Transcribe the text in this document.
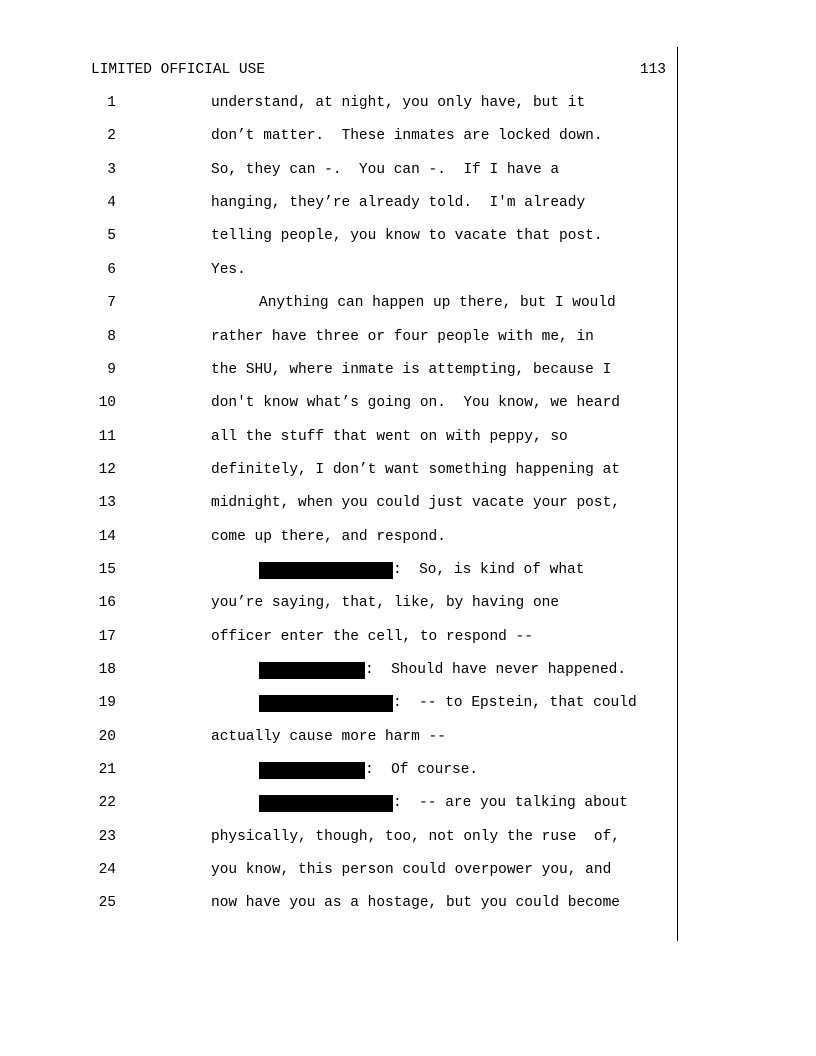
LIMITED OFFICIAL USE	113
1	understand, at night, you only have, but it
2	don’t matter.  These inmates are locked down.
3	So, they can -.  You can -.  If I have a
4	hanging, they’re already told.  I'm already
5	telling people, you know to vacate that post.
6	Yes.
7	Anything can happen up there, but I would
8	rather have three or four people with me, in
9	the SHU, where inmate is attempting, because I
10	don't know what’s going on.  You know, we heard
11	all the stuff that went on with peppy, so
12	definitely, I don’t want something happening at
13	midnight, when you could just vacate your post,
14	come up there, and respond.
15	:  So, is kind of what
16	you’re saying, that, like, by having one
17	officer enter the cell, to respond --
18	:  Should have never happened.
19	:  -- to Epstein, that could
20	actually cause more harm --
21	:  Of course.
22	:  -- are you talking about
23	physically, though, too, not only the ruse  of,
24	you know, this person could overpower you, and
25	now have you as a hostage, but you could become
